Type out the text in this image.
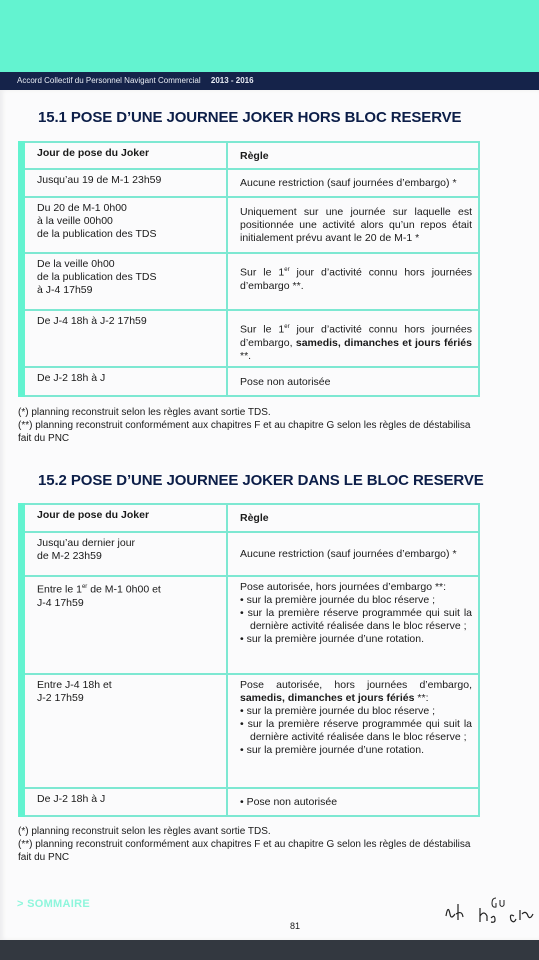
Accord Collectif du Personnel Navigant Commercial 2013 - 2016
15.1 POSE D’UNE JOURNEE JOKER HORS BLOC RESERVE
Jour de pose du Joker	Règle
Jusqu’au 19 de M-1 23h59	Aucune restriction (sauf journées d’embargo) *
Du 20 de M-1 0h00
à la veille 00h00
de la publication des TDS	Uniquement sur une journée sur laquelle est positionnée une activité alors qu’un repos était initialement prévu avant le 20 de M-1 *
De la veille 0h00
de la publication des TDS
à J-4 17h59	Sur le 1er jour d’activité connu hors journées d’embargo **.
De J-4 18h à J-2 17h59	Sur le 1er jour d’activité connu hors journées d’embargo, samedis, dimanches et jours fériés **.
De J-2 18h à J	Pose non autorisée
(*) planning reconstruit selon les règles avant sortie TDS.
(**) planning reconstruit conformément aux chapitres F et au chapitre G selon les règles de déstabilisa
fait du PNC
15.2 POSE D’UNE JOURNEE JOKER DANS LE BLOC RESERVE
Jour de pose du Joker	Règle
Jusqu’au dernier jour
de M-2 23h59	Aucune restriction (sauf journées d’embargo) *
Entre le 1er de M-1 0h00 et
J-4 17h59	Pose autorisée, hors journées d’embargo **:
• sur la première journée du bloc réserve ;
• sur la première réserve programmée qui suit la dernière activité réalisée dans le bloc réserve ;
• sur la première journée d’une rotation.

Entre J-4 18h et
J-2 17h59	Pose autorisée, hors journées d’embargo, samedis, dimanches et jours fériés **:
• sur la première journée du bloc réserve ;
• sur la première réserve programmée qui suit la dernière activité réalisée dans le bloc réserve ;
• sur la première journée d’une rotation.

De J-2 18h à J	• Pose non autorisée
(*) planning reconstruit selon les règles avant sortie TDS.
(**) planning reconstruit conformément aux chapitres F et au chapitre G selon les règles de déstabilisa
fait du PNC
> SOMMAIRE
81
